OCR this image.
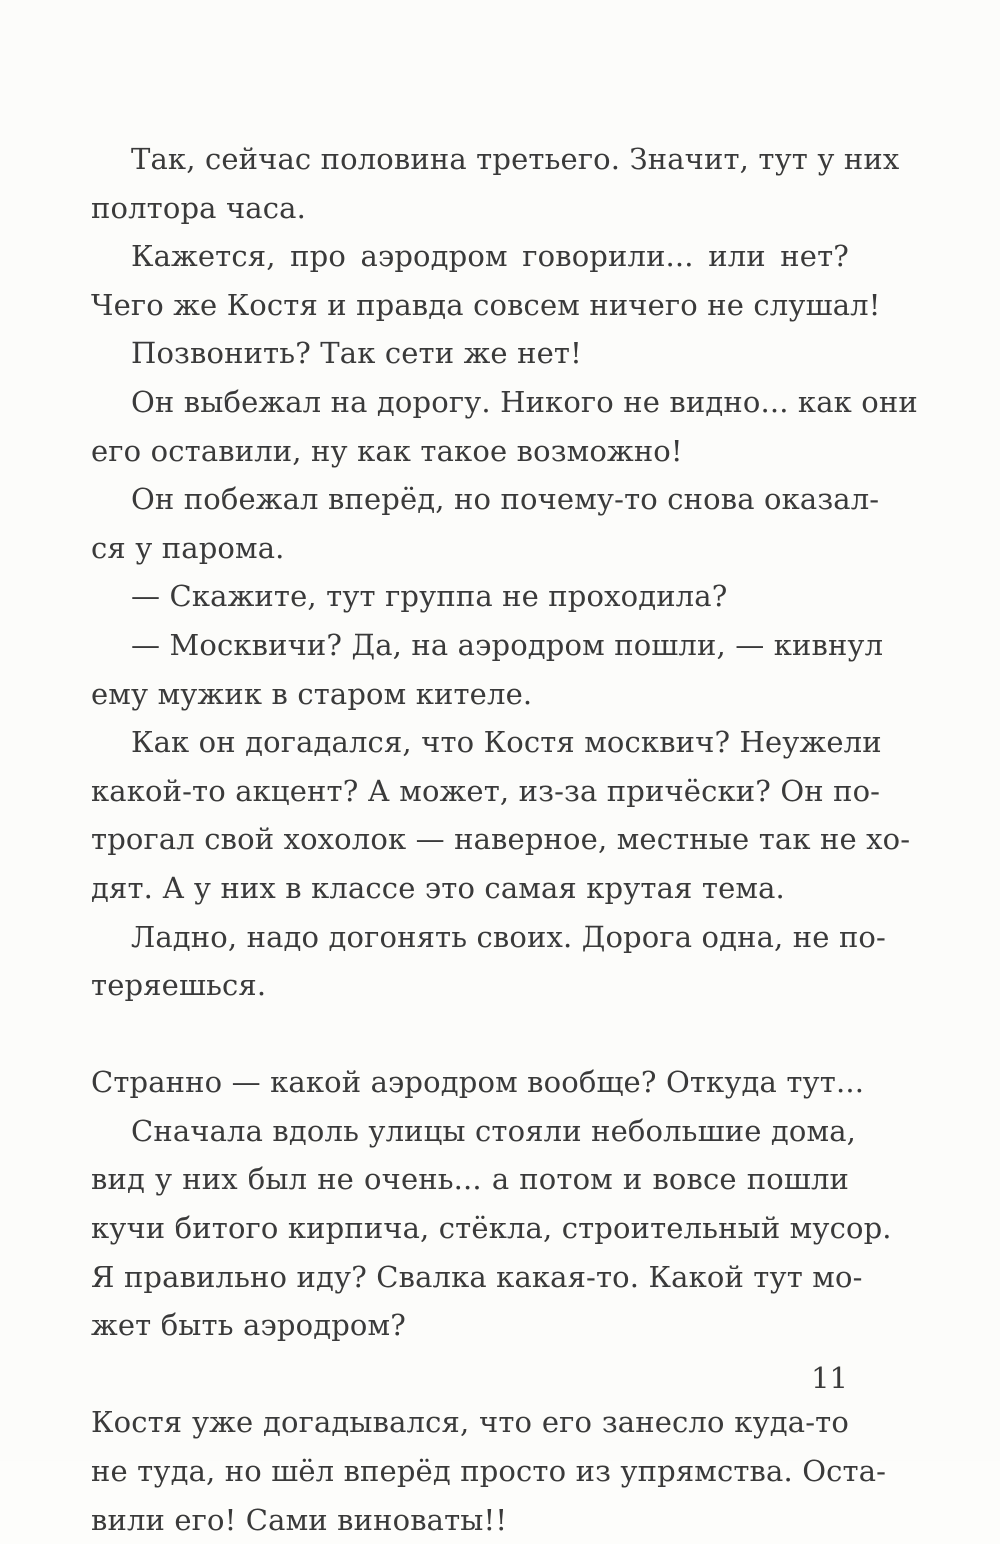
Так, сейчас половина третьего. Значит, тут у них
полтора часа.
Кажется, про аэродром говорили... или нет?
Чего же Костя и правда совсем ничего не слушал!
Позвонить? Так сети же нет!
Он выбежал на дорогу. Никого не видно... как они
его оставили, ну как такое возможно!
Он побежал вперёд, но почему-то снова оказал-
ся у парома.
— Скажите, тут группа не проходила?
— Москвичи? Да, на аэродром пошли, — кивнул
ему мужик в старом кителе.
Как он догадался, что Костя москвич? Неужели
какой-то акцент? А может, из-за причёски? Он по-
трогал свой хохолок — наверное, местные так не хо-
дят. А у них в классе это самая крутая тема.
Ладно, надо догонять своих. Дорога одна, не по-
теряешься.
Странно — какой аэродром вообще? Откуда тут...
Сначала вдоль улицы стояли небольшие дома,
вид у них был не очень... а потом и вовсе пошли
кучи битого кирпича, стёкла, строительный мусор.
Я правильно иду? Свалка какая-то. Какой тут мо-
жет быть аэродром?
Костя уже догадывался, что его занесло куда-то
не туда, но шёл вперёд просто из упрямства. Оста-
вили его! Сами виноваты!!
11
